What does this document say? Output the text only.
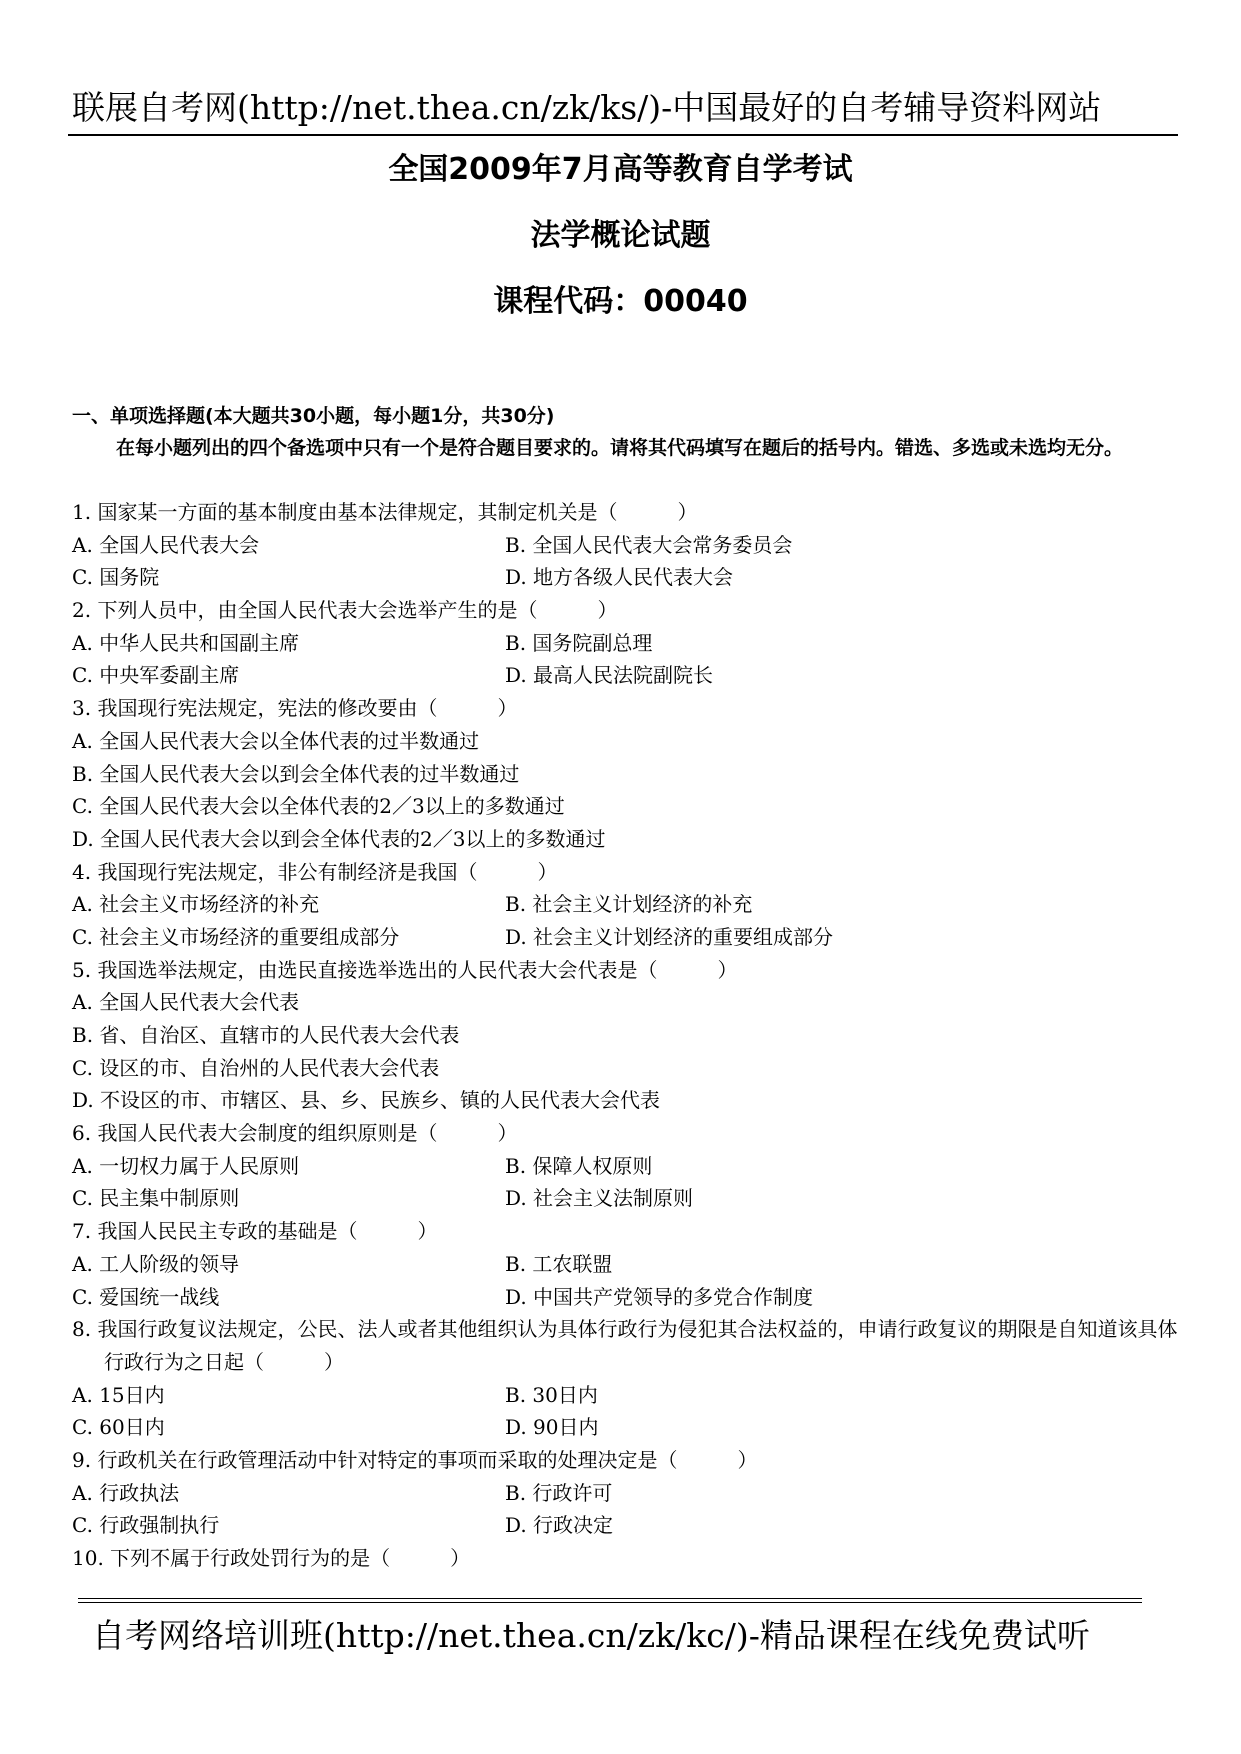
联展自考网(http://net.thea.cn/zk/ks/)-中国最好的自考辅导资料网站
全国2009年7月高等教育自学考试
法学概论试题
课程代码：00040
一、单项选择题(本大题共30小题，每小题1分，共30分)
在每小题列出的四个备选项中只有一个是符合题目要求的。请将其代码填写在题后的括号内。错选、多选或未选均无分。
1. 国家某一方面的基本制度由基本法律规定，其制定机关是（　　　）
A. 全国人民代表大会	B. 全国人民代表大会常务委员会
C. 国务院	D. 地方各级人民代表大会
2. 下列人员中，由全国人民代表大会选举产生的是（　　　）
A. 中华人民共和国副主席	B. 国务院副总理
C. 中央军委副主席	D. 最高人民法院副院长
3. 我国现行宪法规定，宪法的修改要由（　　　）
A. 全国人民代表大会以全体代表的过半数通过
B. 全国人民代表大会以到会全体代表的过半数通过
C. 全国人民代表大会以全体代表的2／3以上的多数通过
D. 全国人民代表大会以到会全体代表的2／3以上的多数通过
4. 我国现行宪法规定，非公有制经济是我国（　　　）
A. 社会主义市场经济的补充	B. 社会主义计划经济的补充
C. 社会主义市场经济的重要组成部分	D. 社会主义计划经济的重要组成部分
5. 我国选举法规定，由选民直接选举选出的人民代表大会代表是（　　　）
A. 全国人民代表大会代表
B. 省、自治区、直辖市的人民代表大会代表
C. 设区的市、自治州的人民代表大会代表
D. 不设区的市、市辖区、县、乡、民族乡、镇的人民代表大会代表
6. 我国人民代表大会制度的组织原则是（　　　）
A. 一切权力属于人民原则	B. 保障人权原则
C. 民主集中制原则	D. 社会主义法制原则
7. 我国人民民主专政的基础是（　　　）
A. 工人阶级的领导	B. 工农联盟
C. 爱国统一战线	D. 中国共产党领导的多党合作制度
8. 我国行政复议法规定，公民、法人或者其他组织认为具体行政行为侵犯其合法权益的，申请行政复议的期限是自知道该具体行政行为之日起（　　　）
A. 15日内	B. 30日内
C. 60日内	D. 90日内
9. 行政机关在行政管理活动中针对特定的事项而采取的处理决定是（　　　）
A. 行政执法	B. 行政许可
C. 行政强制执行	D. 行政决定
10. 下列不属于行政处罚行为的是（　　　）
自考网络培训班(http://net.thea.cn/zk/kc/)-精品课程在线免费试听
